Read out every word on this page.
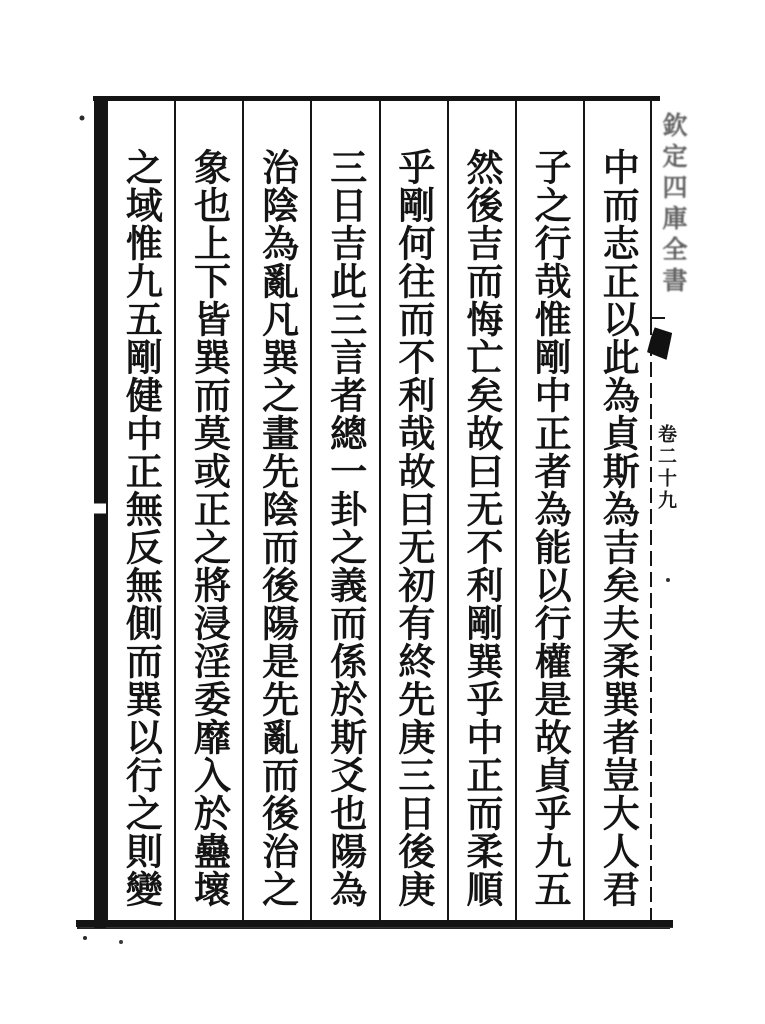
中而志正以此為貞斯為吉矣夫柔巽者豈大人君
子之行哉惟剛中正者為能以行權是故貞乎九五
然後吉而悔亡矣故曰无不利剛巽乎中正而柔順
乎剛何往而不利哉故曰无初有終先庚三日後庚
三日吉此三言者總一卦之義而係於斯爻也陽為
治陰為亂凡巽之畫先陰而後陽是先亂而後治之
象也上下皆巽而莫或正之將浸淫委靡入於蠱壞
之域惟九五剛健中正無反無側而巽以行之則變	欽定四庫全書
卷二十九
